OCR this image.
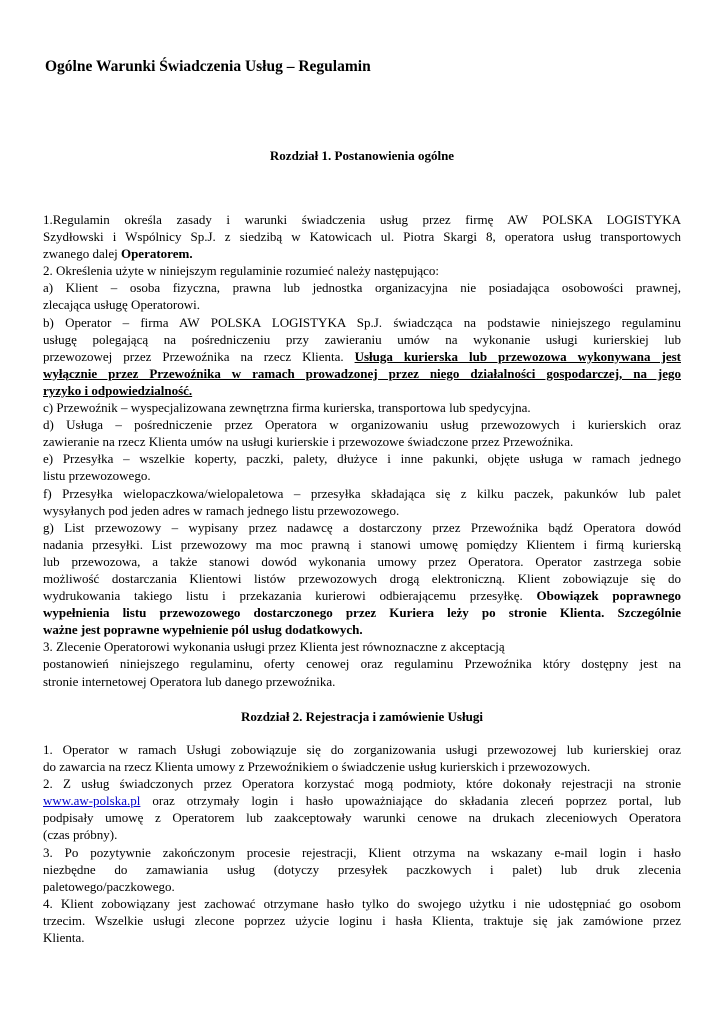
Ogólne Warunki Świadczenia Usług – Regulamin
Rozdział 1. Postanowienia ogólne
1.Regulamin określa zasady i warunki świadczenia usług przez firmę AW POLSKA LOGISTYKA
Szydłowski i Wspólnicy Sp.J. z siedzibą w Katowicach ul. Piotra Skargi 8, operatora usług transportowych
zwanego dalej Operatorem.
2. Określenia użyte w niniejszym regulaminie rozumieć należy następująco:
a) Klient – osoba fizyczna, prawna lub jednostka organizacyjna nie posiadająca osobowości prawnej,
zlecająca usługę Operatorowi.
b) Operator – firma AW POLSKA LOGISTYKA Sp.J. świadcząca na podstawie niniejszego regulaminu
usługę polegającą na pośredniczeniu przy zawieraniu umów na wykonanie usługi kurierskiej lub
przewozowej przez Przewoźnika na rzecz Klienta. Usługa kurierska lub przewozowa wykonywana jest
wyłącznie przez Przewoźnika w ramach prowadzonej przez niego działalności gospodarczej, na jego
ryzyko i odpowiedzialność.
c) Przewoźnik – wyspecjalizowana zewnętrzna firma kurierska, transportowa lub spedycyjna.
d) Usługa – pośredniczenie przez Operatora w organizowaniu usług przewozowych i kurierskich oraz
zawieranie na rzecz Klienta umów na usługi kurierskie i przewozowe świadczone przez Przewoźnika.
e) Przesyłka – wszelkie koperty, paczki, palety, dłużyce i inne pakunki, objęte usługa w ramach jednego
listu przewozowego.
f) Przesyłka wielopaczkowa/wielopaletowa – przesyłka składająca się z kilku paczek, pakunków lub palet
wysyłanych pod jeden adres w ramach jednego listu przewozowego.
g) List przewozowy – wypisany przez nadawcę a dostarczony przez Przewoźnika bądź Operatora dowód
nadania przesyłki. List przewozowy ma moc prawną i stanowi umowę pomiędzy Klientem i firmą kurierską
lub przewozowa, a także stanowi dowód wykonania umowy przez Operatora. Operator zastrzega sobie
możliwość dostarczania Klientowi listów przewozowych drogą elektroniczną. Klient zobowiązuje się do
wydrukowania takiego listu i przekazania kurierowi odbierającemu przesyłkę. Obowiązek poprawnego
wypełnienia listu przewozowego dostarczonego przez Kuriera leży po stronie Klienta. Szczególnie
ważne jest poprawne wypełnienie pól usług dodatkowych.
3. Zlecenie Operatorowi wykonania usługi przez Klienta jest równoznaczne z akceptacją
postanowień niniejszego regulaminu, oferty cenowej oraz regulaminu Przewoźnika który dostępny jest na
stronie internetowej Operatora lub danego przewoźnika.
Rozdział 2. Rejestracja i zamówienie Usługi
1. Operator w ramach Usługi zobowiązuje się do zorganizowania usługi przewozowej lub kurierskiej oraz
do zawarcia na rzecz Klienta umowy z Przewoźnikiem o świadczenie usług kurierskich i przewozowych.
2. Z usług świadczonych przez Operatora korzystać mogą podmioty, które dokonały rejestracji na stronie
www.aw-polska.pl oraz otrzymały login i hasło upoważniające do składania zleceń poprzez portal, lub
podpisały umowę z Operatorem lub zaakceptowały warunki cenowe na drukach zleceniowych Operatora
(czas próbny).
3. Po pozytywnie zakończonym procesie rejestracji, Klient otrzyma na wskazany e-mail login i hasło
niezbędne do zamawiania usług (dotyczy przesyłek paczkowych i palet) lub druk zlecenia
paletowego/paczkowego.
4. Klient zobowiązany jest zachować otrzymane hasło tylko do swojego użytku i nie udostępniać go osobom
trzecim. Wszelkie usługi zlecone poprzez użycie loginu i hasła Klienta, traktuje się jak zamówione przez
Klienta.
